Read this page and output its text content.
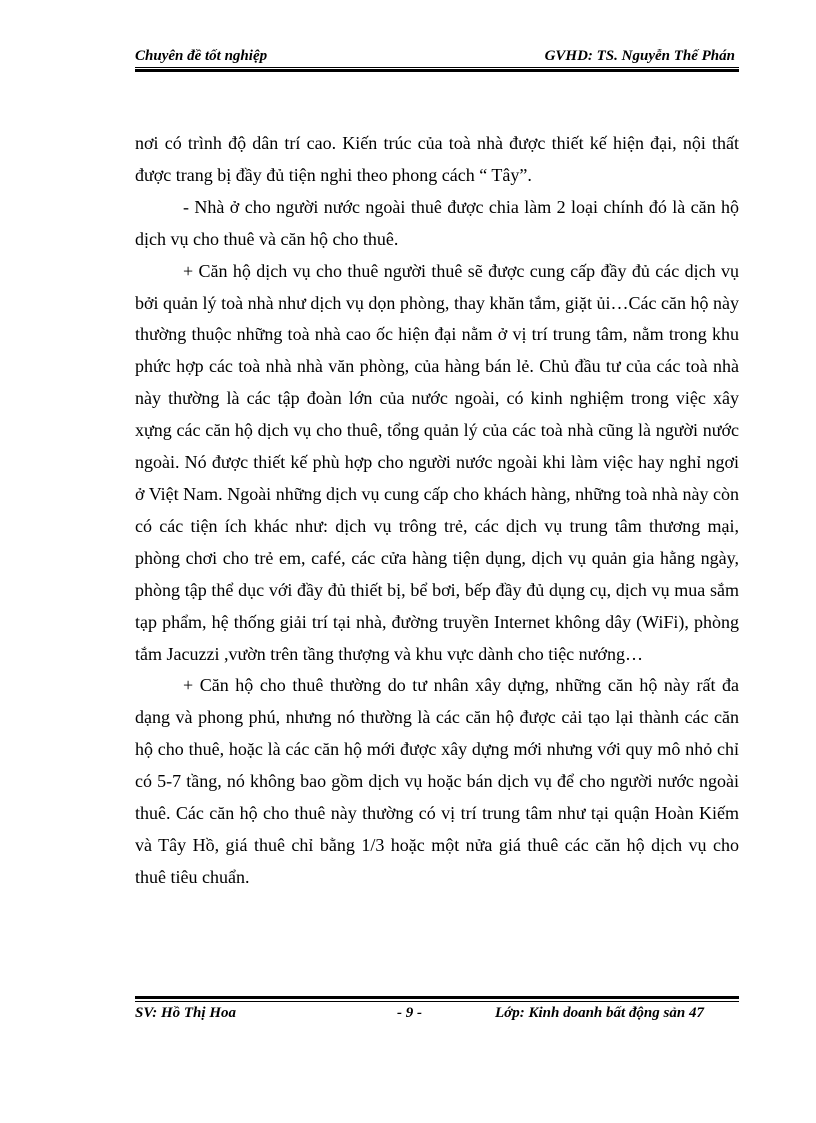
Chuyên đề tốt nghiệp	GVHD: TS. Nguyễn Thế Phán

nơi có trình độ dân trí cao. Kiến trúc của toà nhà được thiết kế hiện đại, nội thất được trang bị đầy đủ tiện nghi theo phong cách “ Tây”.

- Nhà ở cho người nước ngoài thuê được chia làm 2 loại chính đó là căn hộ dịch vụ cho thuê và căn hộ cho thuê.

+ Căn hộ dịch vụ cho thuê người thuê sẽ được cung cấp đầy đủ các dịch vụ bởi quản lý toà nhà như dịch vụ dọn phòng, thay khăn tắm, giặt ủi…Các căn hộ này thường thuộc những toà nhà cao ốc hiện đại nằm ở vị trí trung tâm, nằm trong khu phức hợp các toà nhà nhà văn phòng, của hàng bán lẻ. Chủ đầu tư của các toà nhà này thường là các tập đoàn lớn của nước ngoài, có kinh nghiệm trong việc xây xựng các căn hộ dịch vụ cho thuê, tổng quản lý của các toà nhà cũng là người nước ngoài. Nó được thiết kế phù hợp cho người nước ngoài khi làm việc hay nghỉ ngơi ở Việt Nam. Ngoài những dịch vụ cung cấp cho khách hàng, những toà nhà này còn có các tiện ích khác như: dịch vụ trông trẻ, các dịch vụ trung tâm thương mại, phòng chơi cho trẻ em, café, các cửa hàng tiện dụng, dịch vụ quản gia hằng ngày, phòng tập thể dục với đầy đủ thiết bị, bể bơi, bếp đầy đủ dụng cụ, dịch vụ mua sắm tạp phẩm, hệ thống giải trí tại nhà, đường truyền Internet không dây (WiFi), phòng tắm Jacuzzi ,vườn trên tầng thượng và khu vực dành cho tiệc nướng…

+ Căn hộ cho thuê thường do tư nhân xây dựng, những căn hộ này rất đa dạng và phong phú, nhưng nó thường là các căn hộ được cải tạo lại thành các căn hộ cho thuê, hoặc là các căn hộ mới được xây dựng mới nhưng với quy mô nhỏ chỉ có 5-7 tầng, nó không bao gồm dịch vụ hoặc bán dịch vụ để cho người nước ngoài thuê. Các căn hộ cho thuê này thường có vị trí trung tâm như tại quận Hoàn Kiếm và Tây Hồ, giá thuê chỉ bằng 1/3 hoặc một nửa giá thuê các căn hộ dịch vụ cho thuê tiêu chuẩn.

SV: Hồ Thị Hoa	- 9 -	Lớp: Kinh doanh bất động sản 47
